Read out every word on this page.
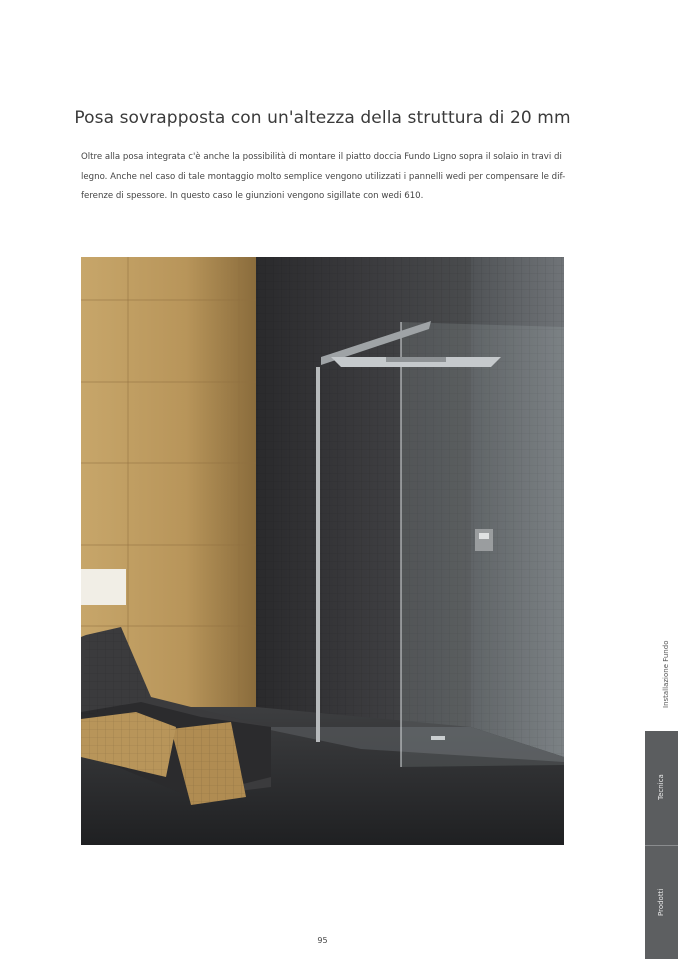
Posa sovrapposta con un'altezza della struttura di 20 mm
Oltre alla posa integrata c'è anche la possibilità di montare il piatto doccia Fundo Ligno sopra il solaio in travi di
legno. Anche nel caso di tale montaggio molto semplice vengono utilizzati i pannelli wedi per compensare le dif-
ferenze di spessore. In questo caso le giunzioni vengono sigillate con wedi 610.
Installazione Fundo
Tecnica
Prodotti
95
